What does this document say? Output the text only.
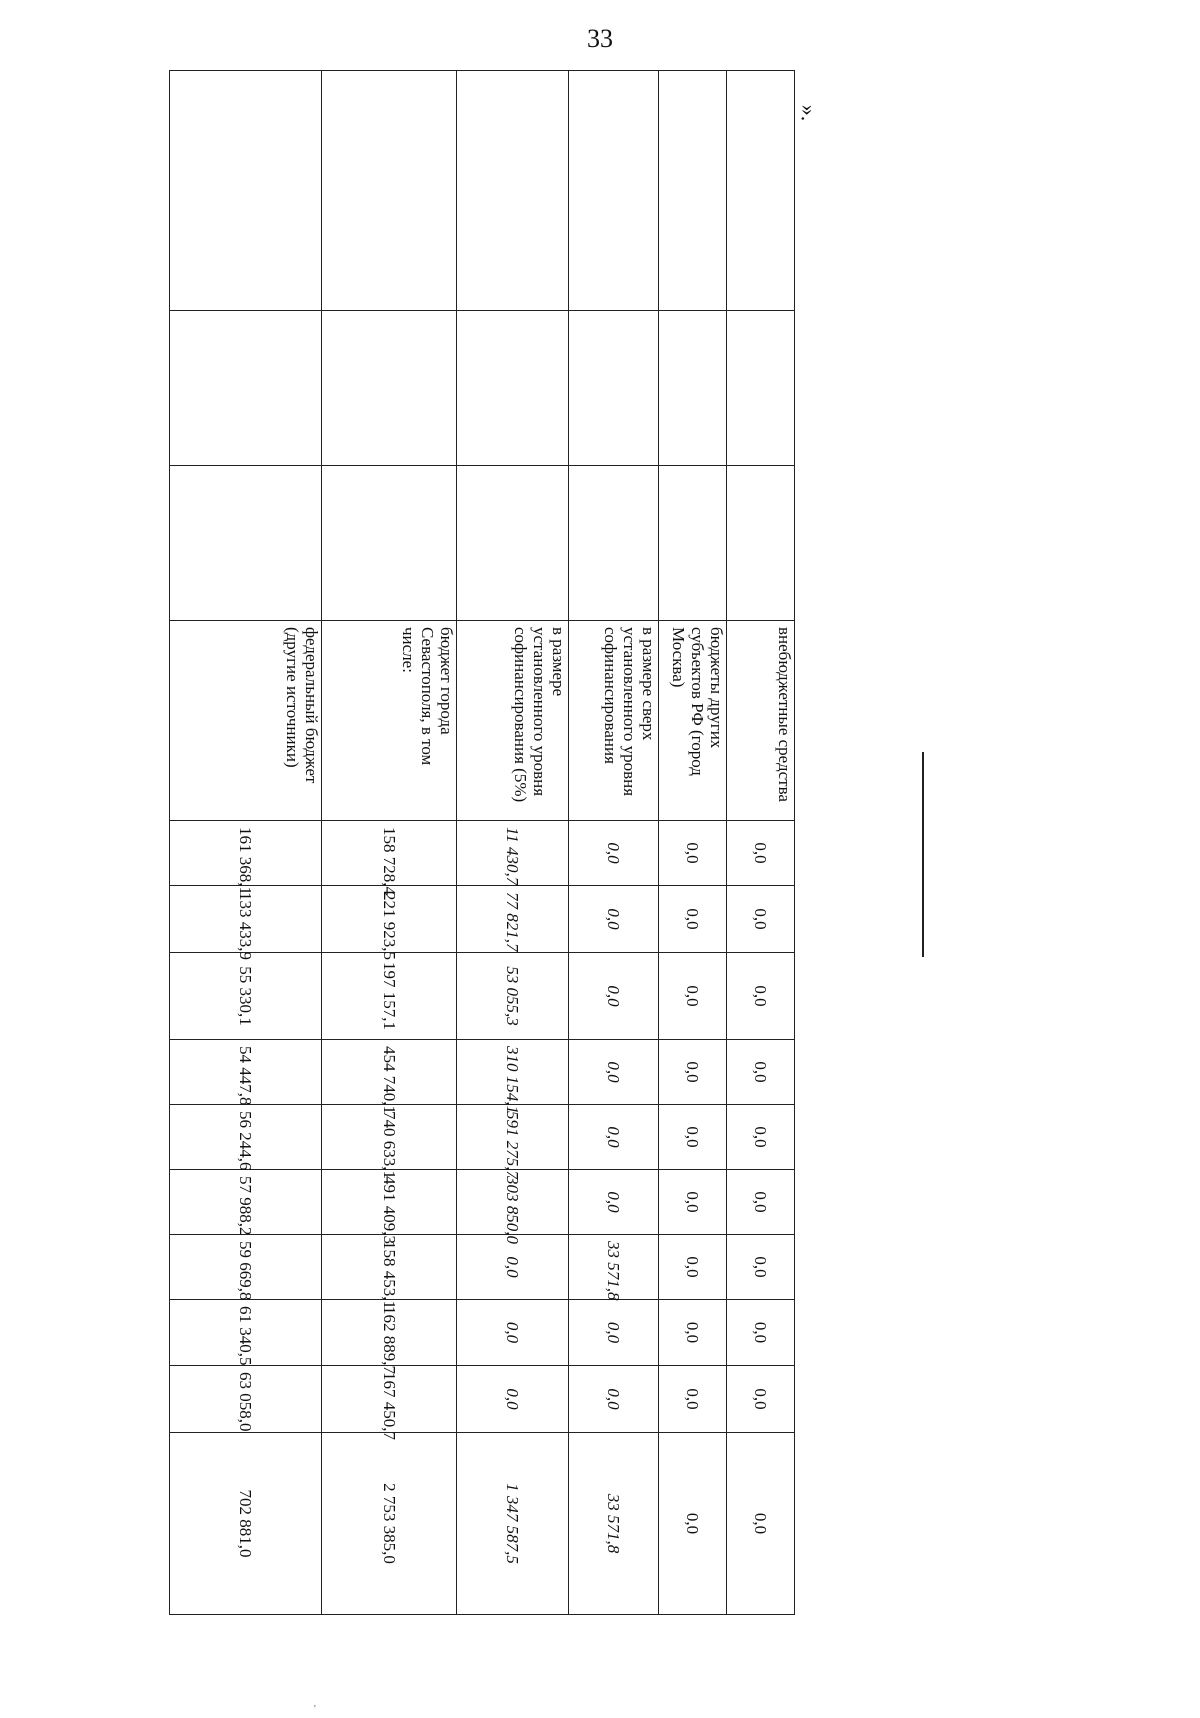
33
			внебюджетные средства	0,0	0,0	0,0	0,0	0,0	0,0	0,0	0,0	0,0	0,0
			бюджеты других субъектов РФ (город Москва)	0,0	0,0	0,0	0,0	0,0	0,0	0,0	0,0	0,0	0,0
			в размере сверх установленного уровня софинансирования	0,0	0,0	0,0	0,0	0,0	0,0	33 571,8	0,0	0,0	33 571,8
			в размере установленного уровня софинансирования (5%)	11 430,7	77 821,7	53 055,3	310 154,1	591 275,7	303 850,0	0,0	0,0	0,0	1 347 587,5
			бюджет города Севастополя, в том числе:	158 728,4	221 923,5	197 157,1	454 740,1	740 633,1	491 409,3	158 453,1	162 889,7	167 450,7	2 753 385,0
			федеральный бюджет (другие источники)	161 368,1	133 433,9	55 330,1	54 447,8	56 244,6	57 988,2	59 669,8	61 340,5	63 058,0	702 881,0
».
'
